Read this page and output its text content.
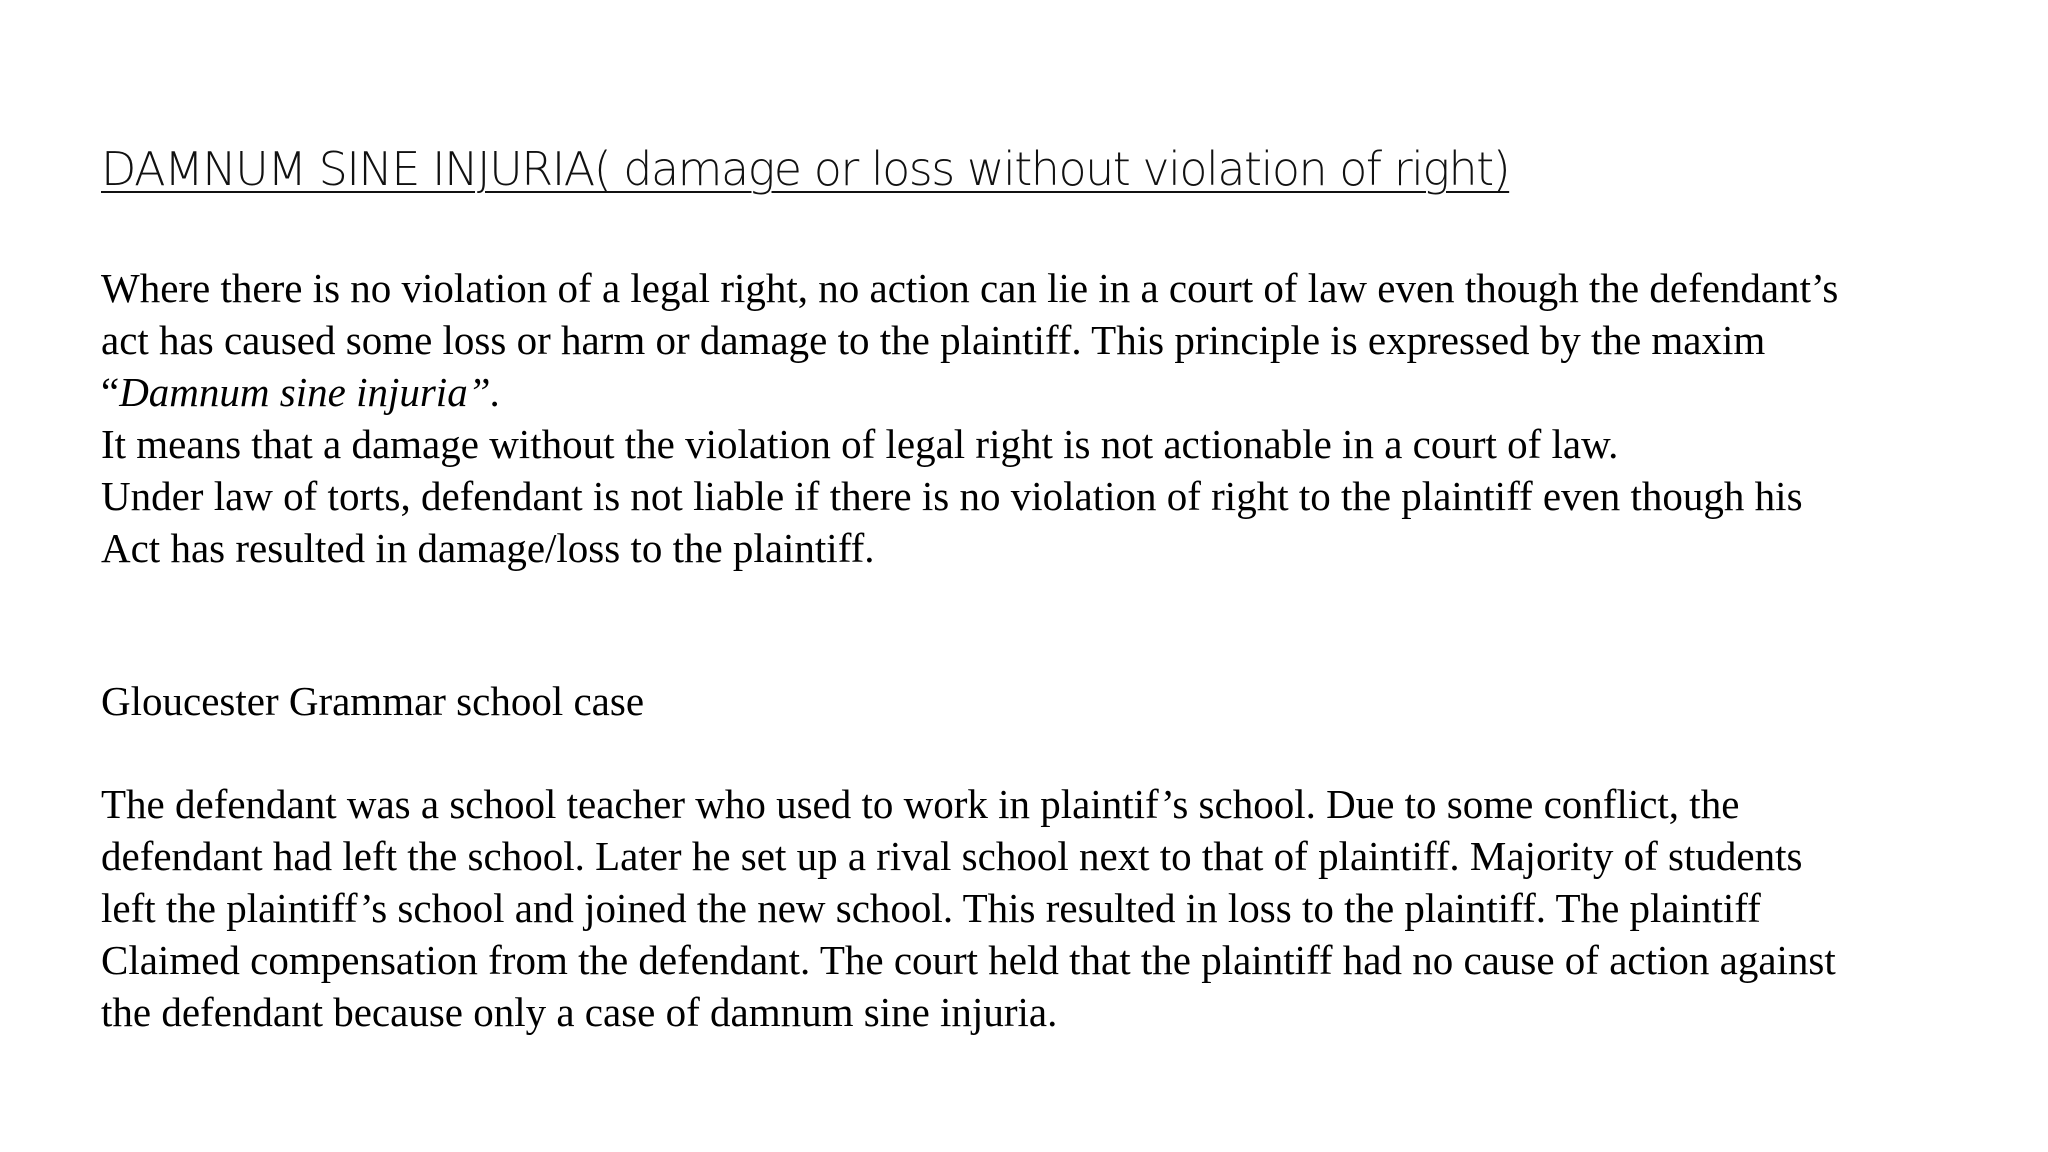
DAMNUM SINE INJURIA( damage or loss without violation of right)
Where there is no violation of a legal right, no action can lie in a court of law even though the defendant’s
act has caused some loss or harm or damage to the plaintiff. This principle is expressed by the maxim
“Damnum sine injuria”.
It means that a damage without the violation of legal right is not actionable in a court of law.
Under law of torts, defendant is not liable if there is no violation of right to the plaintiff even though his
Act has resulted in damage/loss to the plaintiff.
Gloucester Grammar school case
The defendant was a school teacher who used to work in plaintif’s school. Due to some conflict, the
defendant had left the school. Later he set up a rival school next to that of plaintiff. Majority of students
left the plaintiff’s school and joined the new school. This resulted in loss to the plaintiff. The plaintiff
Claimed compensation from the defendant. The court held that the plaintiff had no cause of action against
the defendant because only a case of damnum sine injuria.
